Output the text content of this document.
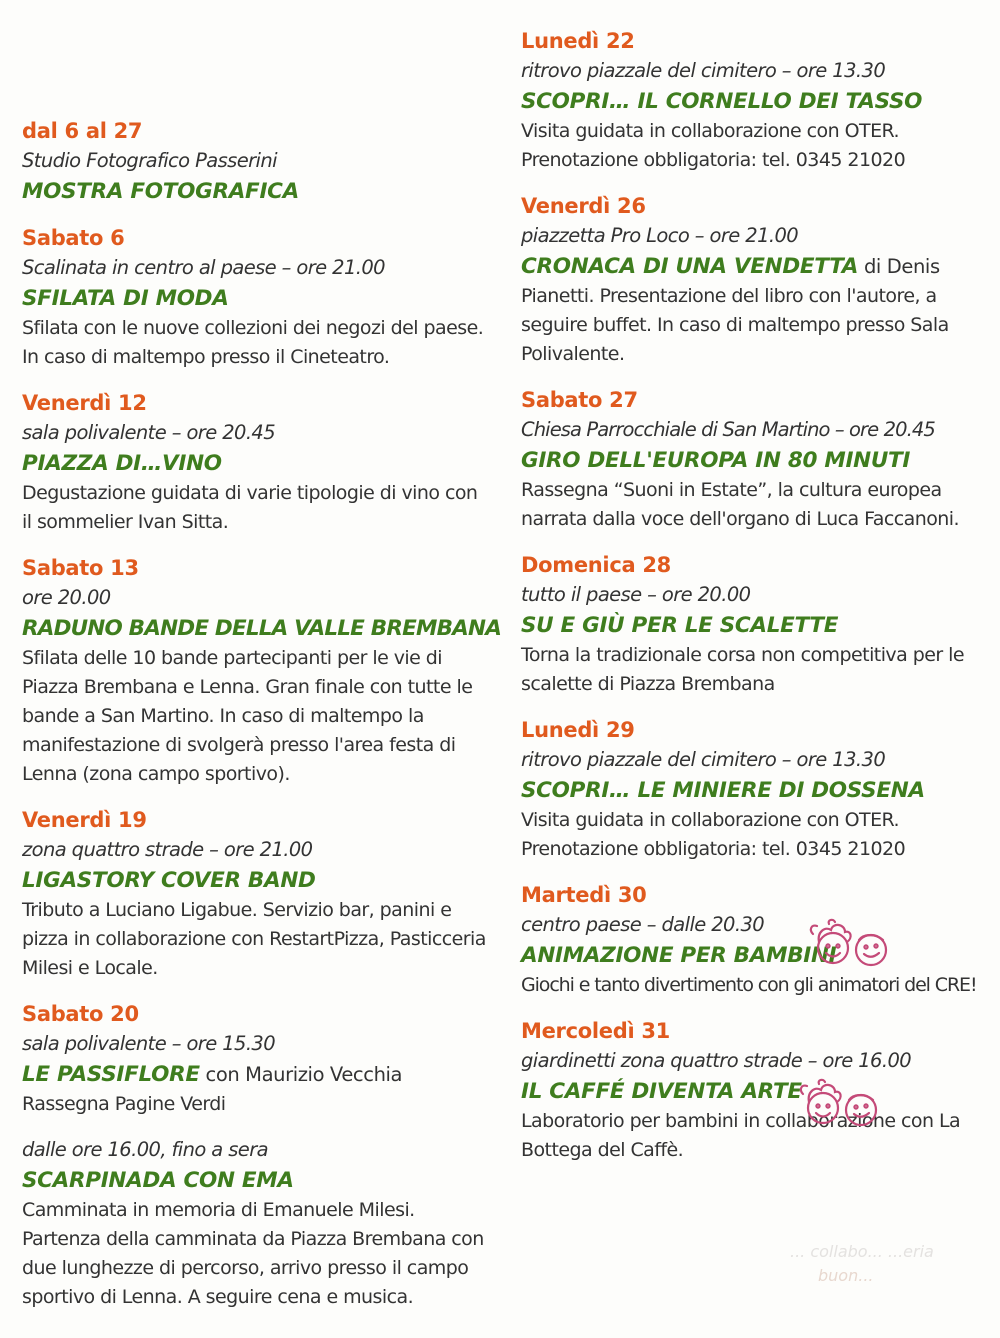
dal 6 al 27
Studio Fotografico Passerini
MOSTRA FOTOGRAFICA
Sabato 6
Scalinata in centro al paese – ore 21.00
SFILATA DI MODA
Sfilata con le nuove collezioni dei negozi del paese. In caso di maltempo presso il Cineteatro.
Venerdì 12
sala polivalente – ore 20.45
PIAZZA DI…VINO
Degustazione guidata di varie tipologie di vino con il sommelier Ivan Sitta.
Sabato 13
ore 20.00
RADUNO BANDE DELLA VALLE BREMBANA
Sfilata delle 10 bande partecipanti per le vie di Piazza Brembana e Lenna. Gran finale con tutte le bande a San Martino. In caso di maltempo la manifestazione di svolgerà presso l'area festa di Lenna (zona campo sportivo).
Venerdì 19
zona quattro strade – ore 21.00
LIGASTORY COVER BAND
Tributo a Luciano Ligabue. Servizio bar, panini e pizza in collaborazione con RestartPizza, Pasticceria Milesi e Locale.
Sabato 20
sala polivalente – ore 15.30
LE PASSIFLORE con Maurizio Vecchia
Rassegna Pagine Verdi
dalle ore 16.00, fino a sera
SCARPINADA CON EMA
Camminata in memoria di Emanuele Milesi. Partenza della camminata da Piazza Brembana con due lunghezze di percorso, arrivo presso il campo sportivo di Lenna. A seguire cena e musica.
Lunedì 22
ritrovo piazzale del cimitero – ore 13.30
SCOPRI… IL CORNELLO DEI TASSO
Visita guidata in collaborazione con OTER. Prenotazione obbligatoria: tel. 0345 21020
Venerdì 26
piazzetta Pro Loco – ore 21.00
CRONACA DI UNA VENDETTA di Denis
Pianetti. Presentazione del libro con l'autore, a seguire buffet. In caso di maltempo presso Sala Polivalente.
Sabato 27
Chiesa Parrocchiale di San Martino – ore 20.45
GIRO DELL'EUROPA IN 80 MINUTI
Rassegna “Suoni in Estate”, la cultura europea narrata dalla voce dell'organo di Luca Faccanoni.
Domenica 28
tutto il paese – ore 20.00
SU E GIÙ PER LE SCALETTE
Torna la tradizionale corsa non competitiva per le scalette di Piazza Brembana
Lunedì 29
ritrovo piazzale del cimitero – ore 13.30
SCOPRI… LE MINIERE DI DOSSENA
Visita guidata in collaborazione con OTER. Prenotazione obbligatoria: tel. 0345 21020
Martedì 30
centro paese – dalle 20.30
ANIMAZIONE PER BAMBINI
Giochi e tanto divertimento con gli animatori del CRE!
Mercoledì 31
giardinetti zona quattro strade – ore 16.00
IL CAFFÉ DIVENTA ARTE
Laboratorio per bambini in collaborazione con La Bottega del Caffè.
... collabo... ...eria
buon...
